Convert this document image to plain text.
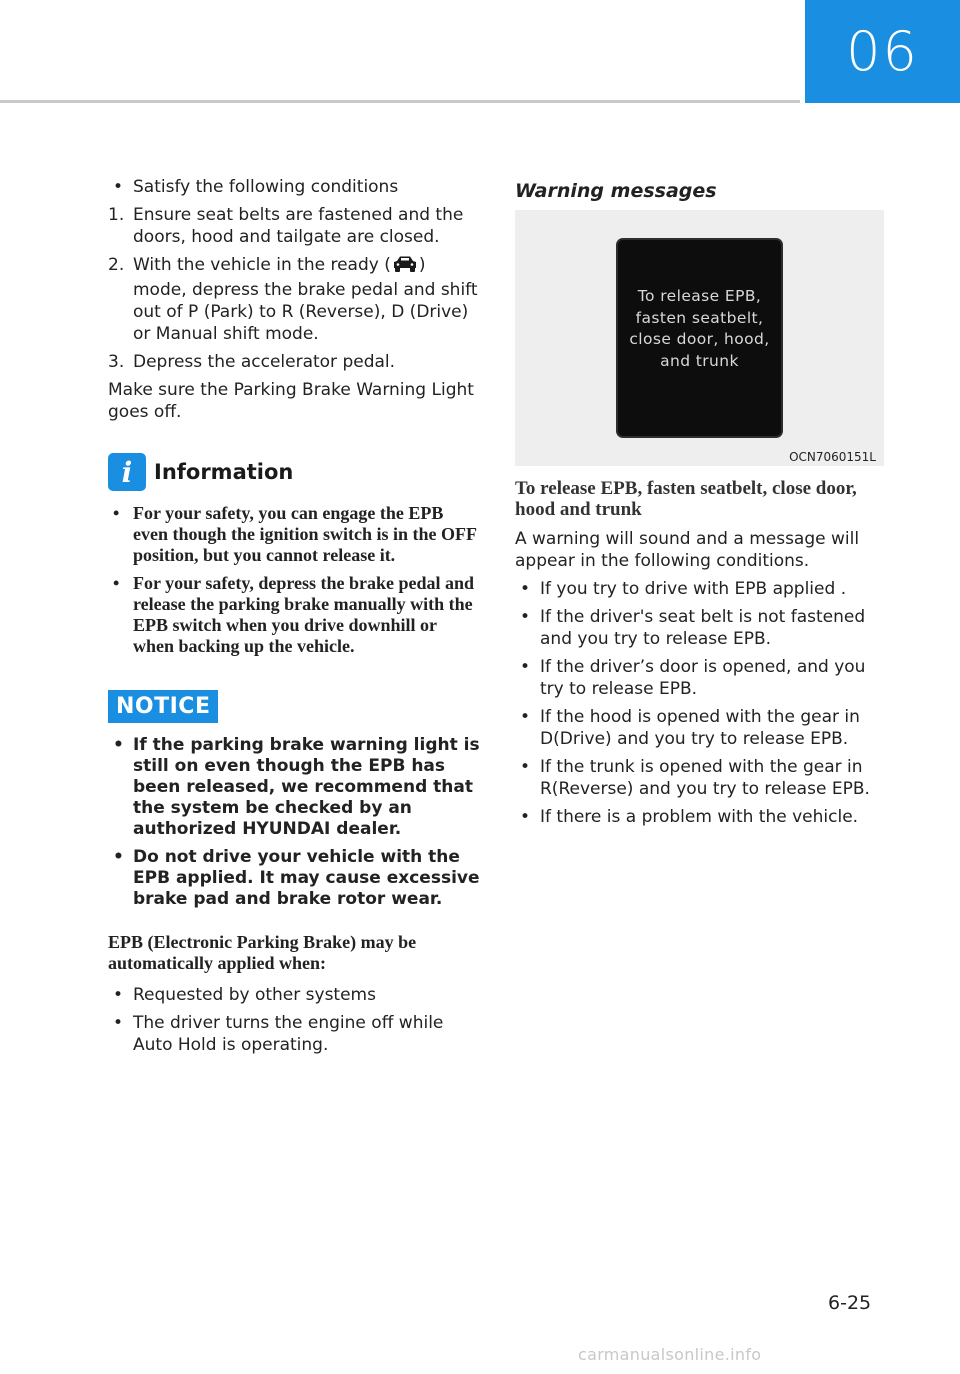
06
• Satisfy the following conditions
1. Ensure seat belts are fastened and the doors, hood and tailgate are closed.
2. With the vehicle in the ready ( ) mode, depress the brake pedal and shift out of P (Park) to R (Reverse), D (Drive) or Manual shift mode.
3. Depress the accelerator pedal.

Make sure the Parking Brake Warning Light goes off.

i	Information
• For your safety, you can engage the EPB even though the ignition switch is in the OFF position, but you cannot release it.
• For your safety, depress the brake pedal and release the parking brake manually with the EPB switch when you drive downhill or when backing up the vehicle.
NOTICE
• If the parking brake warning light is still on even though the EPB has been released, we recommend that the system be checked by an authorized HYUNDAI dealer.
• Do not drive your vehicle with the EPB applied. It may cause excessive brake pad and brake rotor wear.
EPB (Electronic Parking Brake) may be automatically applied when:
• Requested by other systems
• The driver turns the engine off while Auto Hold is operating.
Warning messages
To release EPB,
fasten seatbelt,
close door, hood,
and trunk
OCN7060151L
To release EPB, fasten seatbelt, close door, hood and trunk

A warning will sound and a message will appear in the following conditions.

• If you try to drive with EPB applied .
• If the driver's seat belt is not fastened and you try to release EPB.
• If the driver’s door is opened, and you try to release EPB.
• If the hood is opened with the gear in D(Drive) and you try to release EPB.
• If the trunk is opened with the gear in R(Reverse) and you try to release EPB.
• If there is a problem with the vehicle.
6-25
carmanualsonline.info
